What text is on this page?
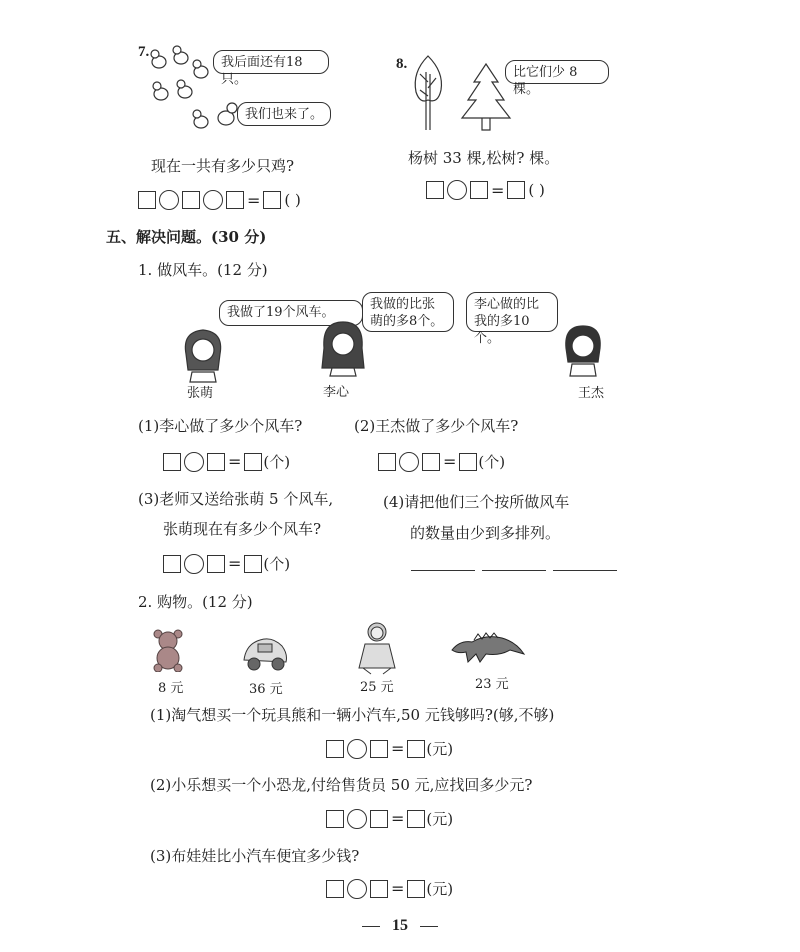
7.
我后面还有18只。
我们也来了。
现在一共有多少只鸡?
= ( )
8.
比它们少 8 棵。
杨树 33 棵,松树? 棵。
= ( )
五、解决问题。(30 分)
1. 做风车。(12 分)
我做了19个风车。
我做的比张萌的多8个。
李心做的比我的多10个。
张萌	李心	王杰
(1)李心做了多少个风车?	(2)王杰做了多少个风车?
= (个)	= (个)
(3)老师又送给张萌 5 个风车,
张萌现在有多少个风车?
(4)请把他们三个按所做风车
的数量由少到多排列。
= (个)
2. 购物。(12 分)
8 元	36 元	25 元	23 元
(1)淘气想买一个玩具熊和一辆小汽车,50 元钱够吗?(够,不够)
= (元)
(2)小乐想买一个小恐龙,付给售货员 50 元,应找回多少元?
= (元)
(3)布娃娃比小汽车便宜多少钱?
= (元)
15
